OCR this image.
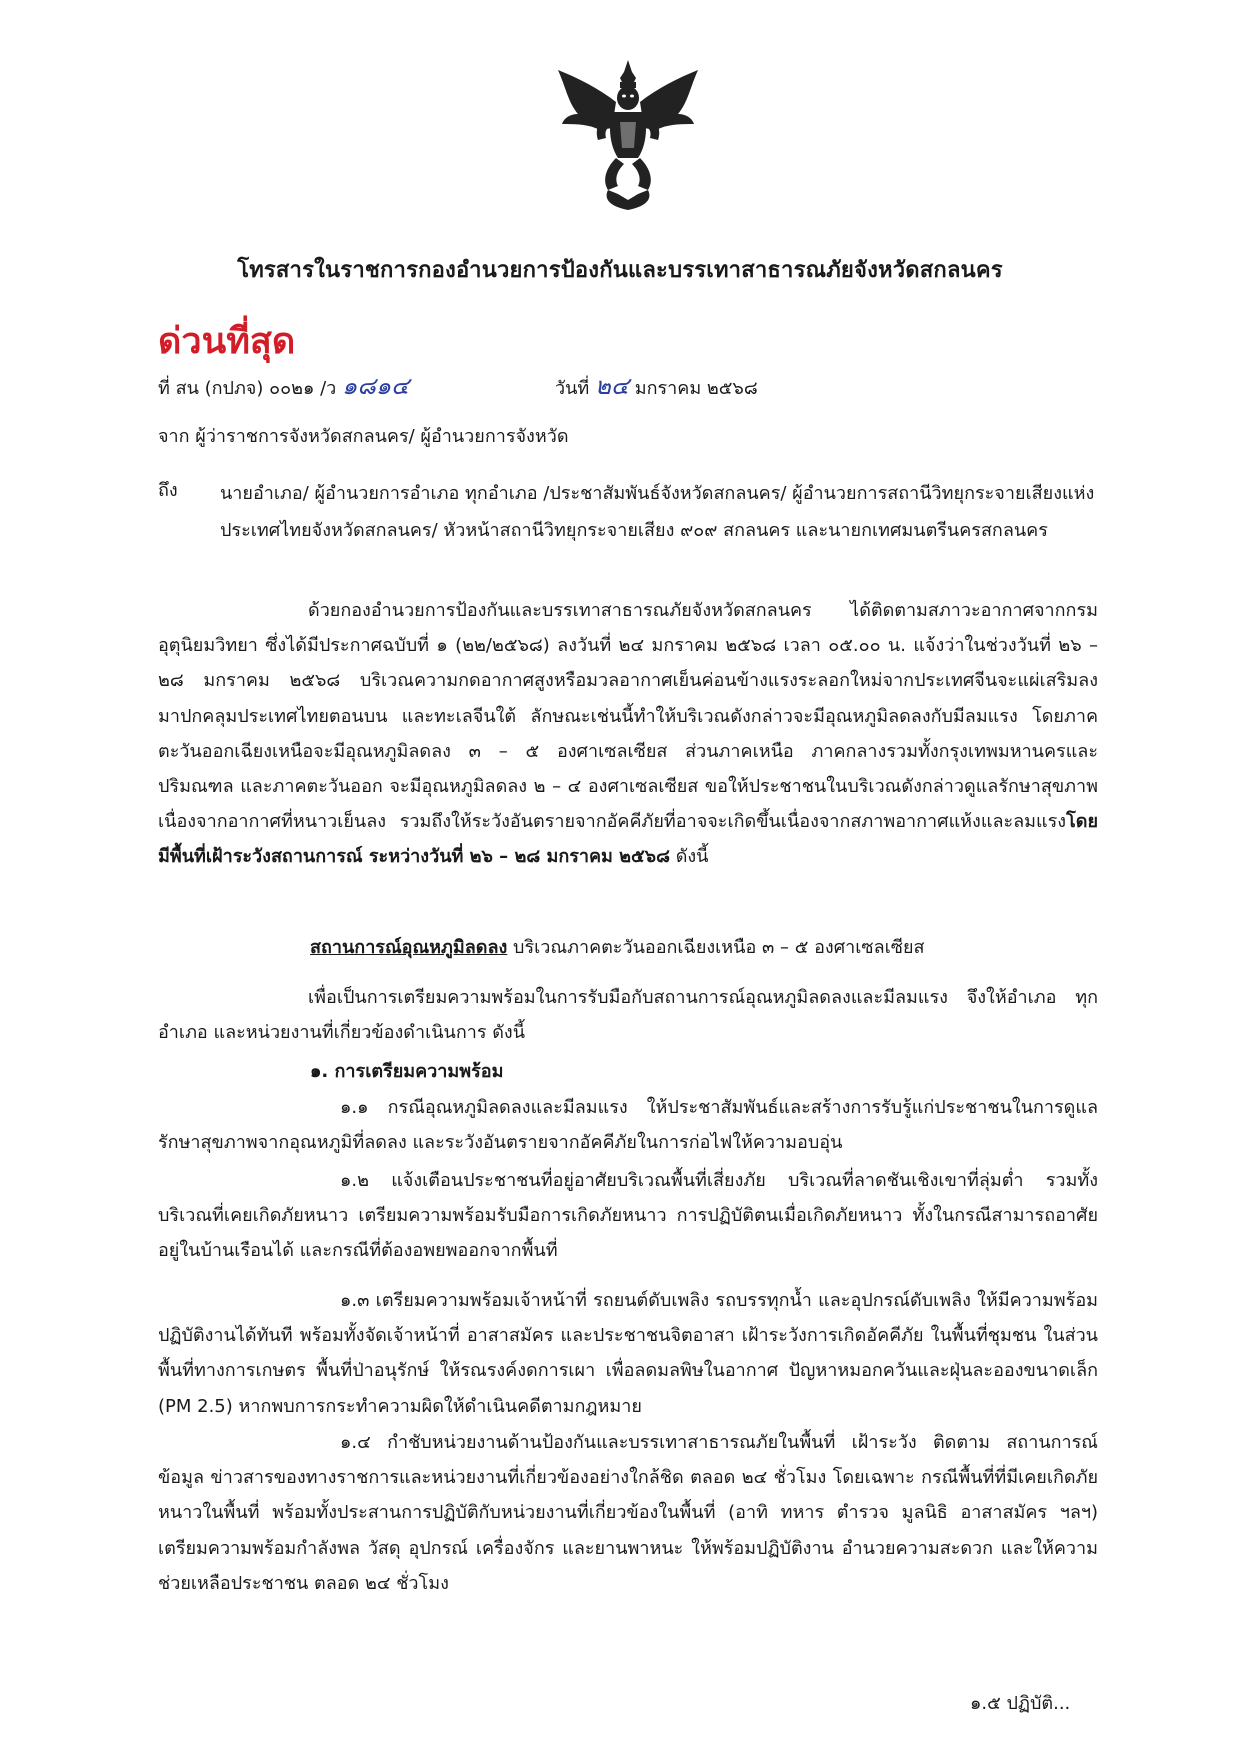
โทรสารในราชการกองอำนวยการป้องกันและบรรเทาสาธารณภัยจังหวัดสกลนคร
ด่วนที่สุด
ที่ สน (กปภจ) ๐๐๒๑ /ว ๑๘๑๔	วันที่ ๒๔ มกราคม ๒๕๖๘
จาก ผู้ว่าราชการจังหวัดสกลนคร/ ผู้อำนวยการจังหวัด
ถึง นายอำเภอ/ ผู้อำนวยการอำเภอ ทุกอำเภอ /ประชาสัมพันธ์จังหวัดสกลนคร/ ผู้อำนวยการสถานีวิทยุกระจายเสียงแห่งประเทศไทยจังหวัดสกลนคร/ หัวหน้าสถานีวิทยุกระจายเสียง ๙๐๙ สกลนคร และนายกเทศมนตรีนครสกลนคร
ด้วยกองอำนวยการป้องกันและบรรเทาสาธารณภัยจังหวัดสกลนคร ได้ติดตามสภาวะอากาศจากกรมอุตุนิยมวิทยา ซึ่งได้มีประกาศฉบับที่ ๑ (๒๒/๒๕๖๘) ลงวันที่ ๒๔ มกราคม ๒๕๖๘ เวลา ๐๕.๐๐ น. แจ้งว่าในช่วงวันที่ ๒๖ – ๒๘ มกราคม ๒๕๖๘ บริเวณความกดอากาศสูงหรือมวลอากาศเย็นค่อนข้างแรงระลอกใหม่จากประเทศจีนจะแผ่เสริมลงมาปกคลุมประเทศไทยตอนบน และทะเลจีนใต้ ลักษณะเช่นนี้ทำให้บริเวณดังกล่าวจะมีอุณหภูมิลดลงกับมีลมแรง โดยภาคตะวันออกเฉียงเหนือจะมีอุณหภูมิลดลง ๓ – ๕ องศาเซลเซียส ส่วนภาคเหนือ ภาคกลางรวมทั้งกรุงเทพมหานครและปริมณฑล และภาคตะวันออก จะมีอุณหภูมิลดลง ๒ – ๔ องศาเซลเซียส ขอให้ประชาชนในบริเวณดังกล่าวดูแลรักษาสุขภาพเนื่องจากอากาศที่หนาวเย็นลง รวมถึงให้ระวังอันตรายจากอัคคีภัยที่อาจจะเกิดขึ้นเนื่องจากสภาพอากาศแห้งและลมแรงโดยมีพื้นที่เฝ้าระวังสถานการณ์ ระหว่างวันที่ ๒๖ – ๒๘ มกราคม ๒๕๖๘ ดังนี้
สถานการณ์อุณหภูมิลดลง บริเวณภาคตะวันออกเฉียงเหนือ ๓ – ๕ องศาเซลเซียส
เพื่อเป็นการเตรียมความพร้อมในการรับมือกับสถานการณ์อุณหภูมิลดลงและมีลมแรง จึงให้อำเภอ ทุกอำเภอ และหน่วยงานที่เกี่ยวข้องดำเนินการ ดังนี้
๑. การเตรียมความพร้อม
๑.๑ กรณีอุณหภูมิลดลงและมีลมแรง ให้ประชาสัมพันธ์และสร้างการรับรู้แก่ประชาชนในการดูแลรักษาสุขภาพจากอุณหภูมิที่ลดลง และระวังอันตรายจากอัคคีภัยในการก่อไฟให้ความอบอุ่น
๑.๒ แจ้งเตือนประชาชนที่อยู่อาศัยบริเวณพื้นที่เสี่ยงภัย บริเวณที่ลาดชันเชิงเขาที่ลุ่มต่ำ รวมทั้งบริเวณที่เคยเกิดภัยหนาว เตรียมความพร้อมรับมือการเกิดภัยหนาว การปฏิบัติตนเมื่อเกิดภัยหนาว ทั้งในกรณีสามารถอาศัยอยู่ในบ้านเรือนได้ และกรณีที่ต้องอพยพออกจากพื้นที่
๑.๓ เตรียมความพร้อมเจ้าหน้าที่ รถยนต์ดับเพลิง รถบรรทุกน้ำ และอุปกรณ์ดับเพลิง ให้มีความพร้อมปฏิบัติงานได้ทันที พร้อมทั้งจัดเจ้าหน้าที่ อาสาสมัคร และประชาชนจิตอาสา เฝ้าระวังการเกิดอัคคีภัย ในพื้นที่ชุมชน ในส่วนพื้นที่ทางการเกษตร พื้นที่ป่าอนุรักษ์ ให้รณรงค์งดการเผา เพื่อลดมลพิษในอากาศ ปัญหาหมอกควันและฝุ่นละอองขนาดเล็ก (PM 2.5) หากพบการกระทำความผิดให้ดำเนินคดีตามกฎหมาย
๑.๔ กำชับหน่วยงานด้านป้องกันและบรรเทาสาธารณภัยในพื้นที่ เฝ้าระวัง ติดตาม สถานการณ์ข้อมูล ข่าวสารของทางราชการและหน่วยงานที่เกี่ยวข้องอย่างใกล้ชิด ตลอด ๒๔ ชั่วโมง โดยเฉพาะ กรณีพื้นที่ที่มีเคยเกิดภัยหนาวในพื้นที่ พร้อมทั้งประสานการปฏิบัติกับหน่วยงานที่เกี่ยวข้องในพื้นที่ (อาทิ ทหาร ตำรวจ มูลนิธิ อาสาสมัคร ฯลฯ) เตรียมความพร้อมกำลังพล วัสดุ อุปกรณ์ เครื่องจักร และยานพาหนะ ให้พร้อมปฏิบัติงาน อำนวยความสะดวก และให้ความช่วยเหลือประชาชน ตลอด ๒๔ ชั่วโมง
๑.๕ ปฏิบัติ...
